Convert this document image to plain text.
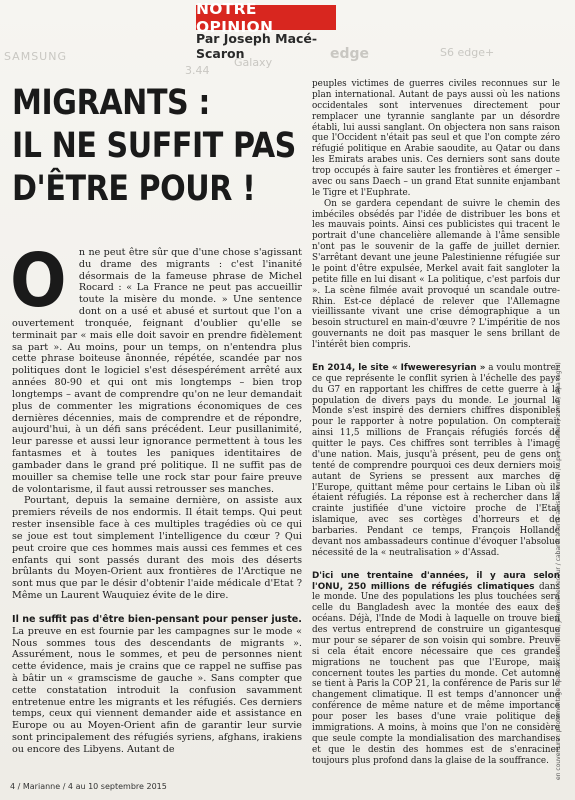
SAMSUNG	Galaxy
edge	S6 edge+
3.44
NOTRE OPINION
Par Joseph Macé-Scaron
MIGRANTS :
IL NE SUFFIT PAS
D'ÊTRE POUR !
O	n ne peut être sûr que d'une chose s'agissant du drame des migrants : c'est l'inanité désormais de la fameuse phrase de Michel Rocard : « La France ne peut pas accueillir toute la misère du monde. » Une sentence dont on a usé et abusé et surtout que l'on a ouvertement tronquée, feignant d'oublier qu'elle se terminait par « mais elle doit savoir en prendre fidèlement sa part ». Au moins, pour un temps, on n'entendra plus cette phrase boiteuse ânonnée, répétée, scandée par nos politiques dont le logiciel s'est désespérément arrêté aux années 80-90 et qui ont mis longtemps – bien trop longtemps – avant de comprendre qu'on ne leur demandait plus de commenter les migrations économiques de ces dernières décennies, mais de comprendre et de répondre, aujourd'hui, à un défi sans précédent. Leur pusillanimité, leur paresse et aussi leur ignorance permettent à tous les fantasmes et à toutes les paniques identitaires de gambader dans le grand pré politique. Il ne suffit pas de mouiller sa chemise telle une rock star pour faire preuve de volontarisme, il faut aussi retrousser ses manches.

Pourtant, depuis la semaine dernière, on assiste aux premiers réveils de nos endormis. Il était temps. Qui peut rester insensible face à ces multiples tragédies où ce qui se joue est tout simplement l'intelligence du cœur ? Qui peut croire que ces hommes mais aussi ces femmes et ces enfants qui sont passés durant des mois des déserts brûlants du Moyen-Orient aux frontières de l'Arctique ne sont mus que par le désir d'obtenir l'aide médicale d'Etat ? Même un Laurent Wauquiez évite de le dire.

Il ne suffit pas d'être bien-pensant pour penser juste.

La preuve en est fournie par les campagnes sur le mode « Nous sommes tous des descendants de migrants ». Assurément, nous le sommes, et peu de personnes nient cette évidence, mais je crains que ce rappel ne suffise pas à bâtir un « gramscisme de gauche ». Sans compter que cette constatation introduit la confusion savamment entretenue entre les migrants et les réfugiés. Ces derniers temps, ceux qui viennent demander aide et assistance en Europe ou au Moyen-Orient afin de garantir leur survie sont principalement des réfugiés syriens, afghans, irakiens ou encore des Libyens. Autant de

peuples victimes de guerres civiles reconnues sur le plan international. Autant de pays aussi où les nations occidentales sont intervenues directement pour remplacer une tyrannie sanglante par un désordre établi, lui aussi sanglant. On objectera non sans raison que l'Occident n'était pas seul et que l'on compte zéro réfugié politique en Arabie saoudite, au Qatar ou dans les Emirats arabes unis. Ces derniers sont sans doute trop occupés à faire sauter les frontières et émerger – avec ou sans Daech – un grand Etat sunnite enjambant le Tigre et l'Euphrate.

On se gardera cependant de suivre le chemin des imbéciles obsédés par l'idée de distribuer les bons et les mauvais points. Ainsi ces publicistes qui tracent le portrait d'une chancelière allemande à l'âme sensible n'ont pas le souvenir de la gaffe de juillet dernier. S'arrêtant devant une jeune Palestinienne réfugiée sur le point d'être expulsée, Merkel avait fait sangloter la petite fille en lui disant « La politique, c'est parfois dur ». La scène filmée avait provoqué un scandale outre-Rhin. Est-ce déplacé de relever que l'Allemagne vieillissante vivant une crise démographique a un besoin structurel en main-d'œuvre ? L'impéritie de nos gouvernants ne doit pas masquer le sens brillant de l'intérêt bien compris.

En 2014, le site « Ifweweresyrian » a voulu montrer ce que représente le conflit syrien à l'échelle des pays du G7 en rapportant les chiffres de cette guerre à la population de divers pays du monde. Le journal le Monde s'est inspiré des derniers chiffres disponibles pour le rapporter à notre population. On compterait ainsi 11,5 millions de Français réfugiés forcés de quitter le pays. Ces chiffres sont terribles à l'image d'une nation. Mais, jusqu'à présent, peu de gens ont tenté de comprendre pourquoi ces deux derniers mois autant de Syriens se pressent aux marches de l'Europe, quittant même pour certains le Liban où ils étaient réfugiés. La réponse est à rechercher dans la crainte justifiée d'une victoire proche de l'Etat islamique, avec ses cortèges d'horreurs et de barbaries. Pendant ce temps, François Hollande devant nos ambassadeurs continue d'évoquer l'absolue nécessité de la « neutralisation » d'Assad.

D'ici une trentaine d'années, il y aura selon l'ONU, 250 millions de réfugiés climatiques dans le monde. Une des populations les plus touchées sera celle du Bangladesh avec la montée des eaux des océans. Déjà, l'Inde de Modi à laquelle on trouve bien des vertus entreprend de construire un gigantesque mur pour se séparer de son voisin qui sombre. Preuve si cela était encore nécessaire que ces grandes migrations ne touchent pas que l'Europe, mais concernent toutes les parties du monde. Cet automne se tient à Paris la COP 21, la conférence de Paris sur le changement climatique. Il est temps d'annoncer une conférence de même nature et de même importance pour poser les bases d'une vraie politique des immigrations. A moins, à moins que l'on ne considère que seule compte la mondialisation des marchandises et que le destin des hommes est de s'enraciner toujours plus profond dans la glaise de la souffrance.	en couverture : photomontage : pascal colrat (fille), jean-michel lecour / cabaret à ferté-alais de rumel / c.p. / v. harten / zuma / sipa (agfa)
4 / Marianne / 4 au 10 septembre 2015
